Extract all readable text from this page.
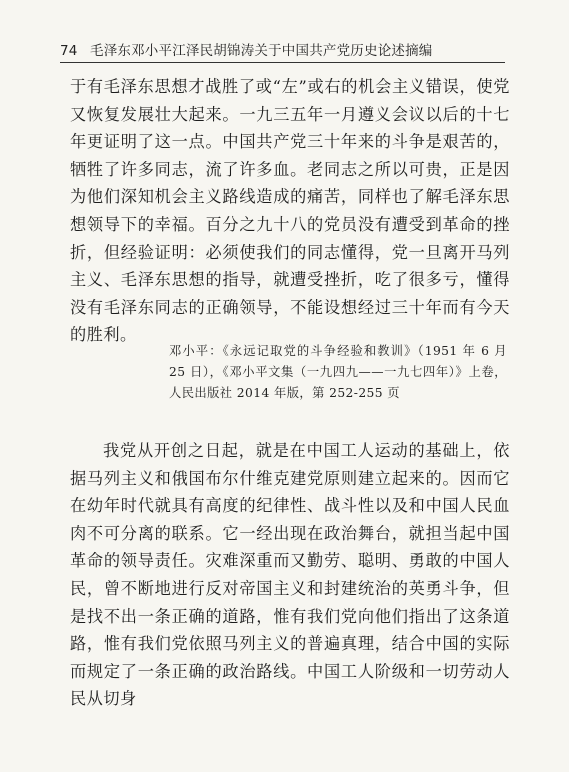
74 毛泽东邓小平江泽民胡锦涛关于中国共产党历史论述摘编
于有毛泽东思想才战胜了或“左”或右的机会主义错误，使党又恢复发展壮大起来。一九三五年一月遵义会议以后的十七年更证明了这一点。中国共产党三十年来的斗争是艰苦的，牺牲了许多同志，流了许多血。老同志之所以可贵，正是因为他们深知机会主义路线造成的痛苦，同样也了解毛泽东思想领导下的幸福。百分之九十八的党员没有遭受到革命的挫折，但经验证明：必须使我们的同志懂得，党一旦离开马列主义、毛泽东思想的指导，就遭受挫折，吃了很多亏，懂得没有毛泽东同志的正确领导，不能设想经过三十年而有今天的胜利。
邓小平：《永远记取党的斗争经验和教训》（1951 年 6 月 25 日），《邓小平文集（一九四九——一九七四年）》上卷，人民出版社 2014 年版，第 252-255 页
我党从开创之日起，就是在中国工人运动的基础上，依据马列主义和俄国布尔什维克建党原则建立起来的。因而它在幼年时代就具有高度的纪律性、战斗性以及和中国人民血肉不可分离的联系。它一经出现在政治舞台，就担当起中国革命的领导责任。灾难深重而又勤劳、聪明、勇敢的中国人民，曾不断地进行反对帝国主义和封建统治的英勇斗争，但是找不出一条正确的道路，惟有我们党向他们指出了这条道路，惟有我们党依照马列主义的普遍真理，结合中国的实际而规定了一条正确的政治路线。中国工人阶级和一切劳动人民从切身
